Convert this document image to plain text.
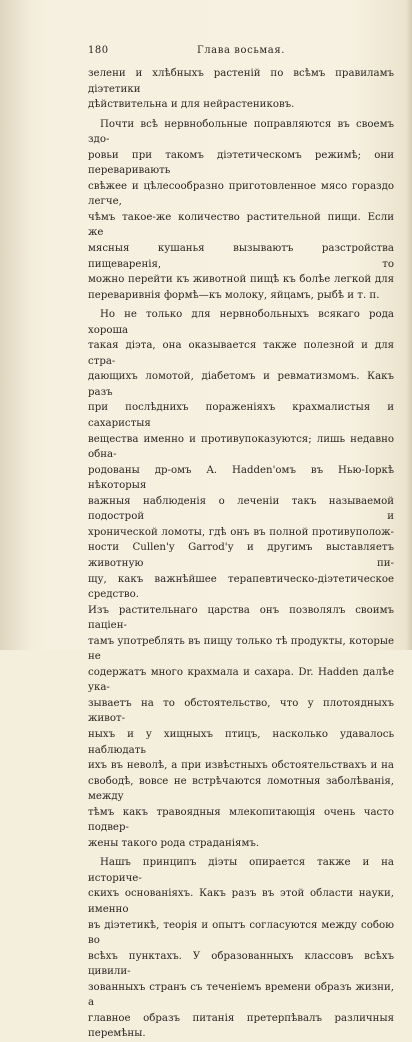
180	Глава восьмая.
зелени и хлѣбныхъ растеній по всѣмъ правиламъ діэтетики
дѣйствительна и для нейрастениковъ.
Почти всѣ нервнобольные поправляются въ своемъ здо-
ровьи при такомъ діэтетическомъ режимѣ; они переваривають
свѣжее и цѣлесообразно приготовленное мясо гораздо легче,
чѣмъ такое-же количество растительной пищи. Если же
мясныя кушанья вызываютъ разстройства пищеваренія, то
можно перейти къ животной пищѣ къ болѣе легкой для
переваривнія формѣ—къ молоку, яйцамъ, рыбѣ и т. п.
Но не только для нервнобольныхъ всякаго рода хороша
такая діэта, она оказывается также полезной и для стра-
дающихъ ломотой, діабетомъ и ревматизмомъ. Какъ разъ
при послѣднихъ пораженіяхъ крахмалистыя и сахаристыя
вещества именно и противупоказуются; лишь недавно обна-
родованы др-омъ A. Hadden'омъ въ Нью-Іоркѣ нѣкоторыя
важныя наблюденія о леченіи такъ называемой подострой и
хронической ломоты, гдѣ онъ въ полной противуполож-
ности Cullen'у Garrod'у и другимъ выставляетъ животную пи-
щу, какъ важнѣйшее терапевтическо-діэтетическое средство.
Изъ растительнаго царства онъ позволялъ своимъ паціен-
тамъ употреблять въ пищу только тѣ продукты, которые не
содержатъ много крахмала и сахара. Dr. Hadden далѣе ука-
зываетъ на то обстоятельство, что у плотоядныхъ живот-
ныхъ и у хищныхъ птицъ, насколько удавалось наблюдать
ихъ въ неволѣ, а при извѣстныхъ обстоятельствахъ и на
свободѣ, вовсе не встрѣчаются ломотныя заболѣванія, между
тѣмъ какъ травоядныя млекопитающія очень часто подвер-
жены такого рода страданіямъ.
Нашъ принципъ діэты опирается также и на историче-
скихъ основаніяхъ. Какъ разъ въ этой области науки, именно
въ діэтетикѣ, теорія и опытъ согласуются между собою во
всѣхъ пунктахъ. У образованныхъ классовъ всѣхъ цивили-
зованныхъ странъ съ теченіемъ времени образъ жизни, а
главное образъ питанія претерпѣвалъ различныя перемѣны.
